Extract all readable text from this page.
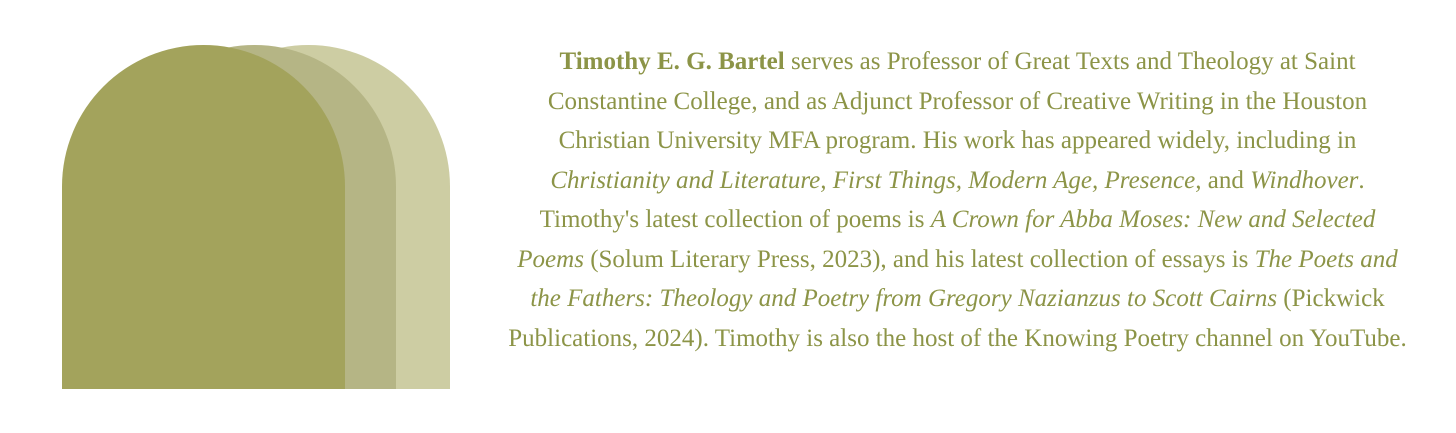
Timothy E. G. Bartel serves as Professor of Great Texts and Theology at Saint Constantine College, and as Adjunct Professor of Creative Writing in the Houston Christian University MFA program. His work has appeared widely, including in Christianity and Literature, First Things, Modern Age, Presence, and Windhover. Timothy's latest collection of poems is A Crown for Abba Moses: New and Selected Poems (Solum Literary Press, 2023), and his latest collection of essays is The Poets and the Fathers: Theology and Poetry from Gregory Nazianzus to Scott Cairns (Pickwick Publications, 2024). Timothy is also the host of the Knowing Poetry channel on YouTube.
